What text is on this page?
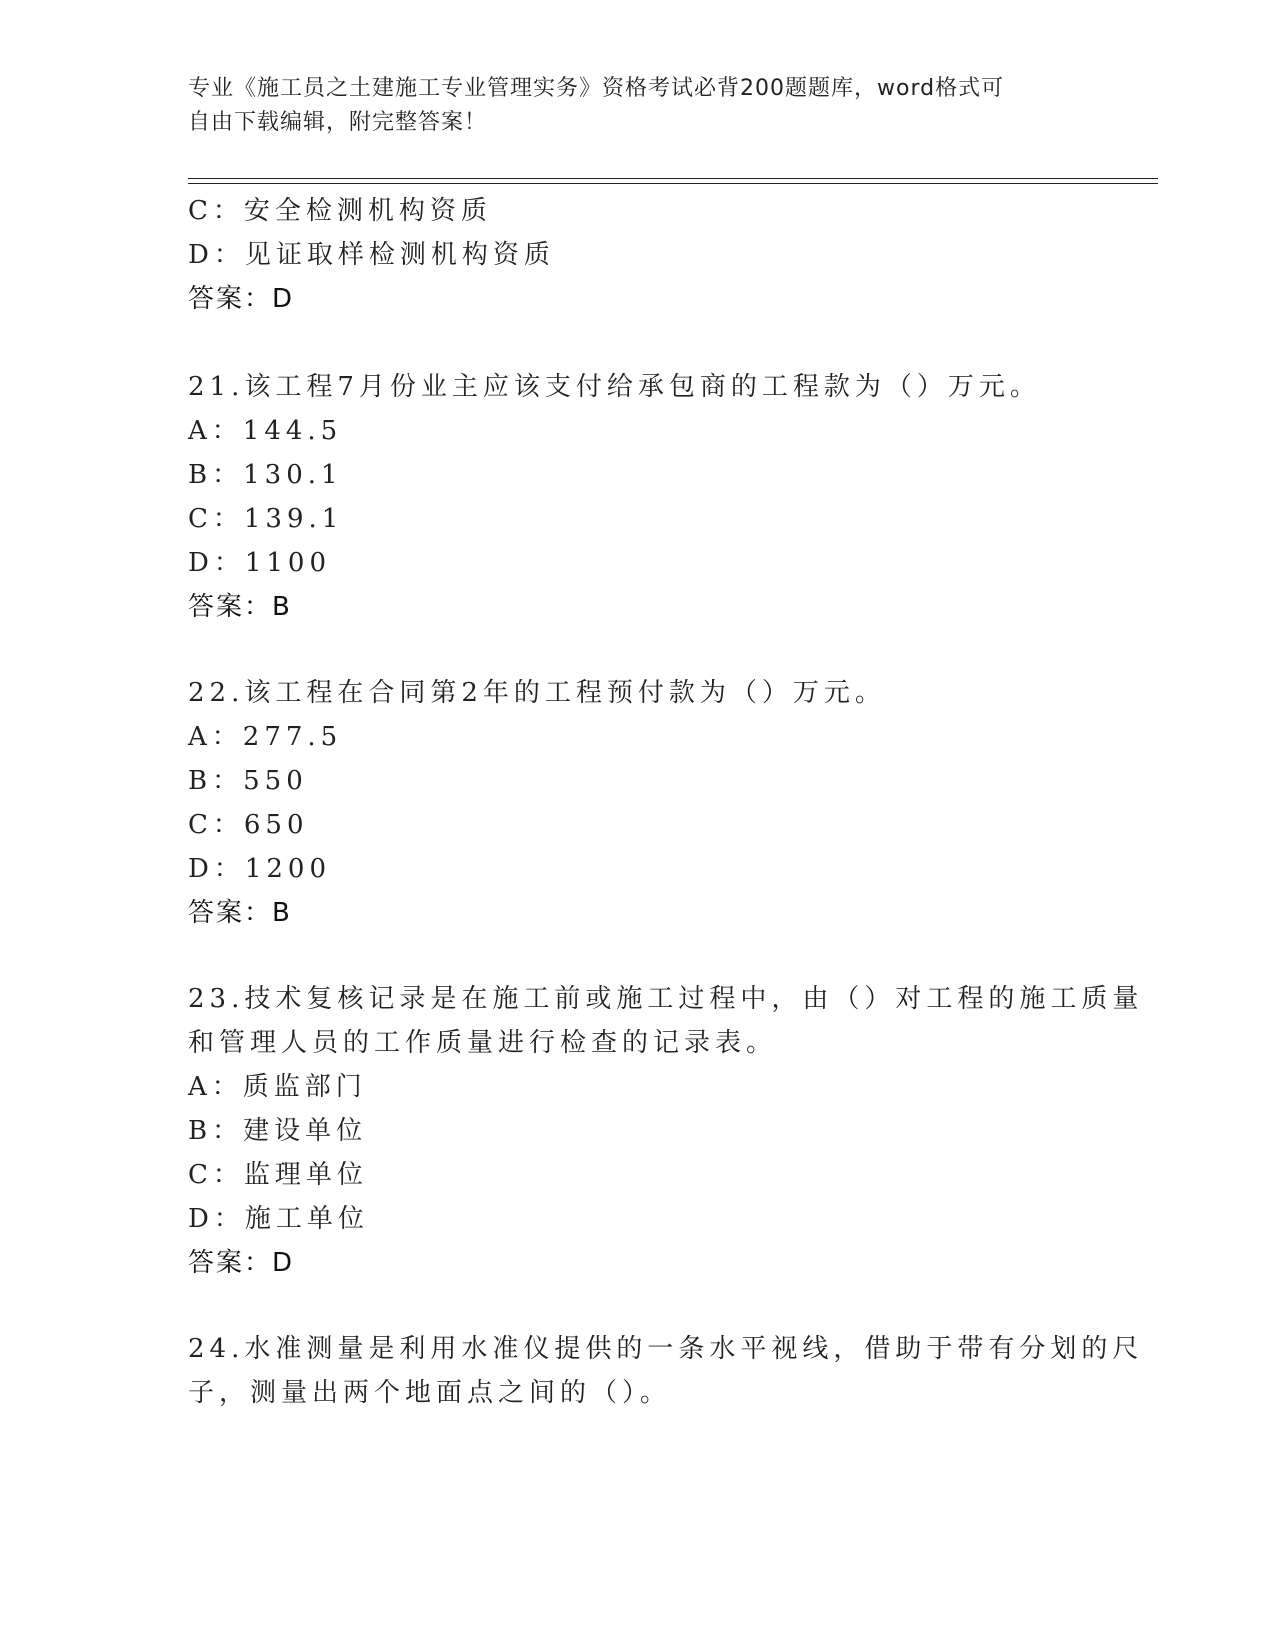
专业《施工员之土建施工专业管理实务》资格考试必背200题题库，word格式可
自由下载编辑，附完整答案！
C：安全检测机构资质
D：见证取样检测机构资质
答案：D
21.该工程7月份业主应该支付给承包商的工程款为（）万元。
A：144.5
B：130.1
C：139.1
D：1100
答案：B
22.该工程在合同第2年的工程预付款为（）万元。
A：277.5
B：550
C：650
D：1200
答案：B
23.技术复核记录是在施工前或施工过程中，由（）对工程的施工质量
和管理人员的工作质量进行检查的记录表。
A：质监部门
B：建设单位
C：监理单位
D：施工单位
答案：D
24.水准测量是利用水准仪提供的一条水平视线，借助于带有分划的尺
子，测量出两个地面点之间的（）。
